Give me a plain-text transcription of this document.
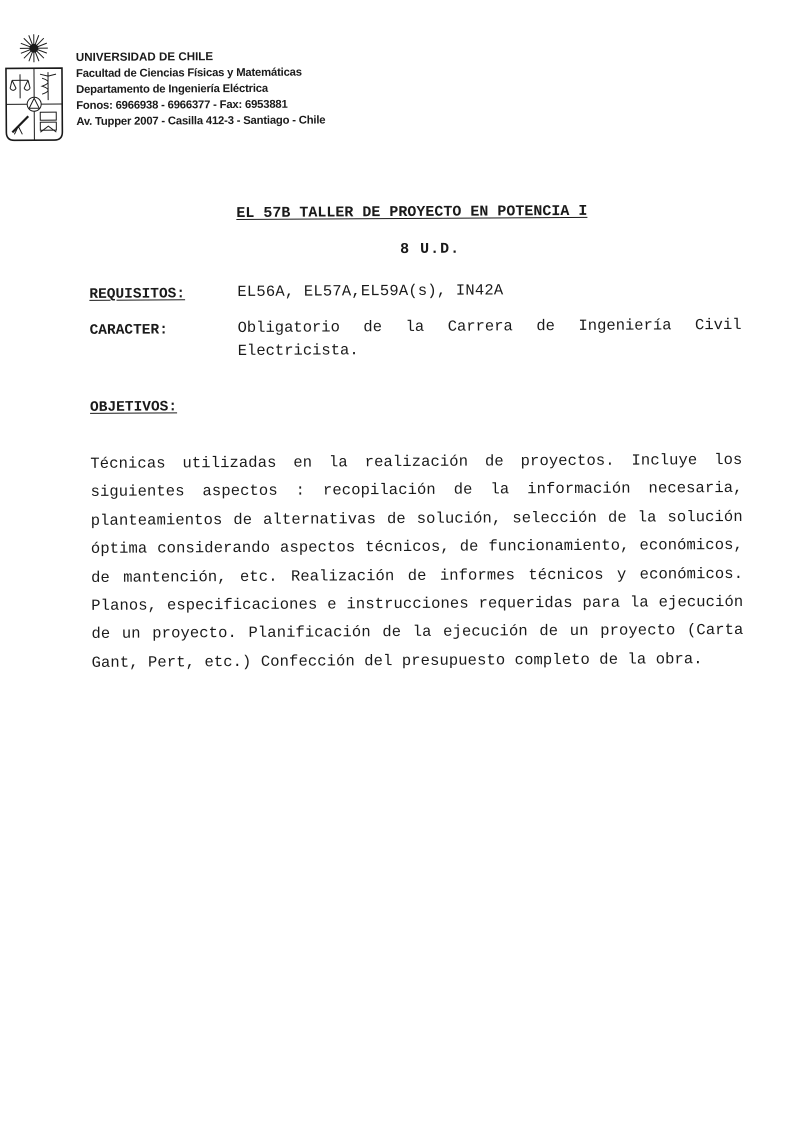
UNIVERSIDAD DE CHILE
Facultad de Ciencias Físicas y Matemáticas
Departamento de Ingeniería Eléctrica
Fonos: 6966938 - 6966377 - Fax: 6953881
Av. Tupper 2007 - Casilla 412-3 - Santiago - Chile
EL 57B TALLER DE PROYECTO EN POTENCIA I
8 U.D.
REQUISITOS:	EL56A, EL57A,EL59A(s), IN42A
CARACTER:	Obligatorio de la Carrera de Ingeniería Civil Electricista.
OBJETIVOS:
Técnicas utilizadas en la realización de proyectos. Incluye los siguientes aspectos : recopilación de la información necesaria, planteamientos de alternativas de solución, selección de la solución óptima considerando aspectos técnicos, de funcionamiento, económicos, de mantención, etc. Realización de informes técnicos y económicos. Planos, especificaciones e instrucciones requeridas para la ejecución de un proyecto. Planificación de la ejecución de un proyecto (Carta Gant, Pert, etc.) Confección del presupuesto completo de la obra.
